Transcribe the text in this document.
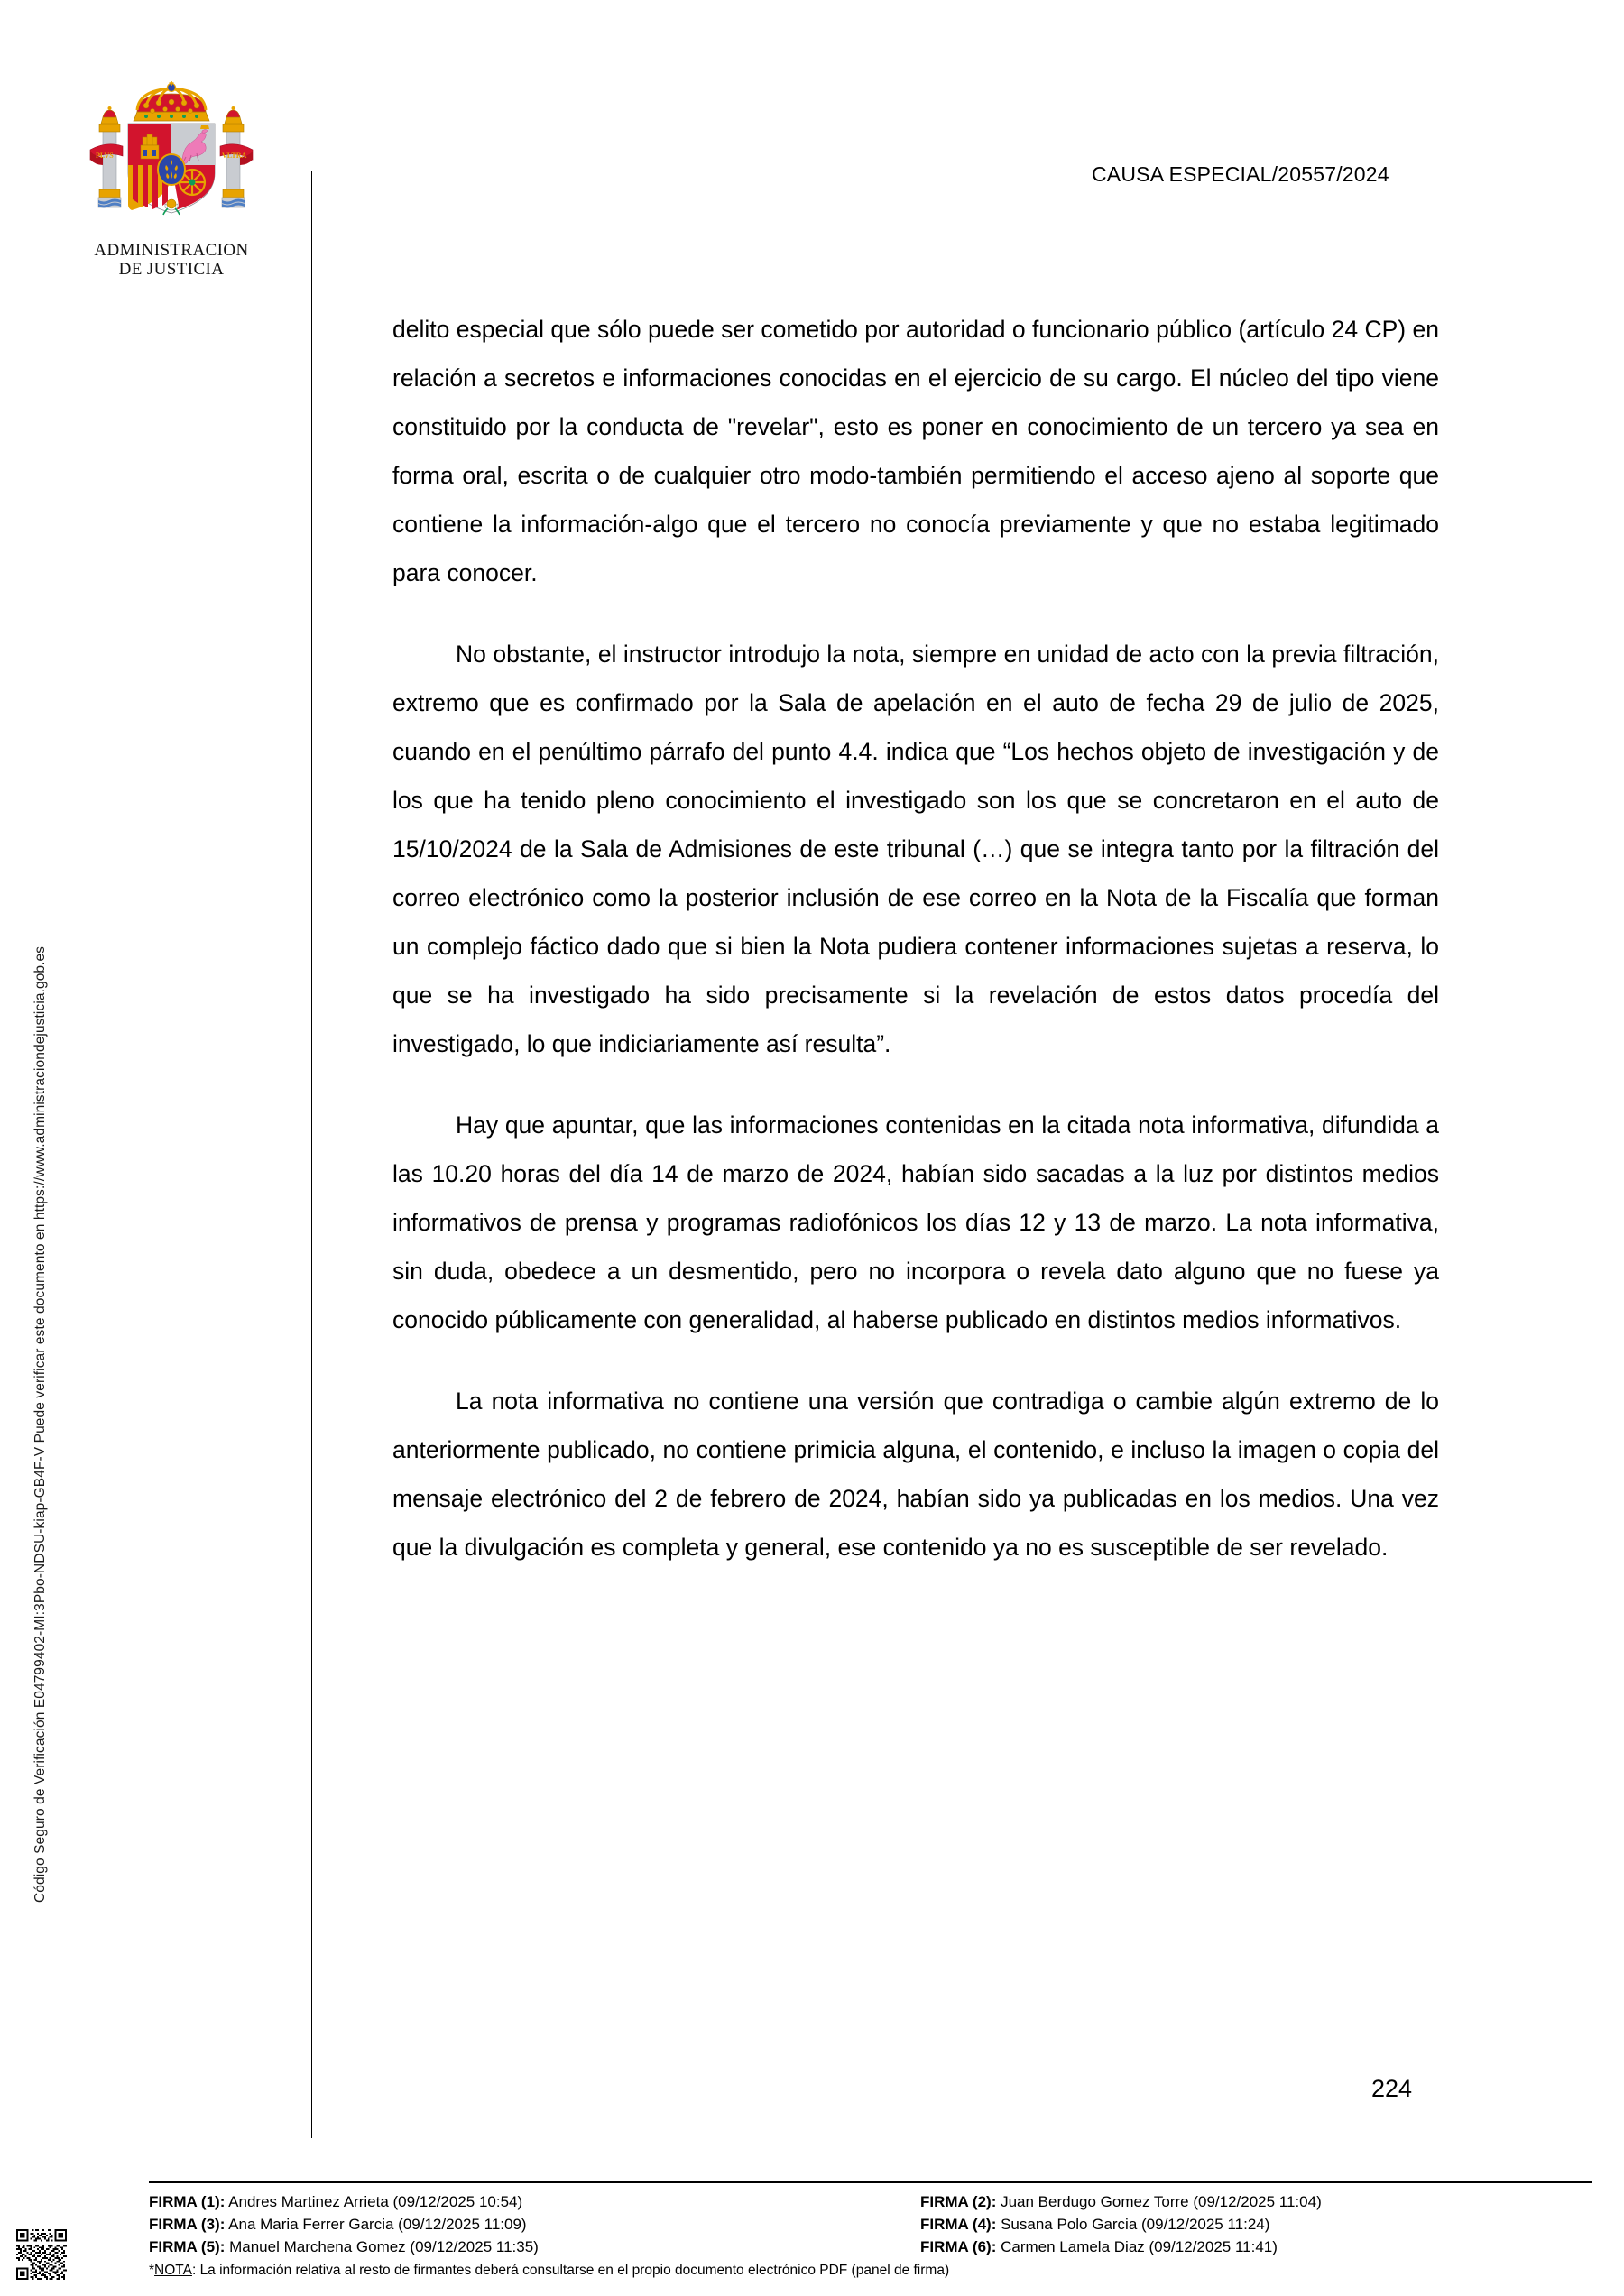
Código Seguro de Verificación E04799402-MI:3Pbo-NDSU-kiap-GB4F-V Puede verificar este documento en https://www.administraciondejusticia.gob.es
PLVS	VLTRA
ADMINISTRACION
DE JUSTICIA
CAUSA ESPECIAL/20557/2024

delito especial que sólo puede ser cometido por autoridad o funcionario público (artículo 24 CP) en relación a secretos e informaciones conocidas en el ejercicio de su cargo. El núcleo del tipo viene constituido por la conducta de "revelar", esto es poner en conocimiento de un tercero ya sea en forma oral, escrita o de cualquier otro modo-también permitiendo el acceso ajeno al soporte que contiene la información-algo que el tercero no conocía previamente y que no estaba legitimado para conocer.

No obstante, el instructor introdujo la nota, siempre en unidad de acto con la previa filtración, extremo que es confirmado por la Sala de apelación en el auto de fecha 29 de julio de 2025, cuando en el penúltimo párrafo del punto 4.4. indica que “Los hechos objeto de investigación y de los que ha tenido pleno conocimiento el investigado son los que se concretaron en el auto de 15/10/2024 de la Sala de Admisiones de este tribunal (…) que se integra tanto por la filtración del correo electrónico como la posterior inclusión de ese correo en la Nota de la Fiscalía que forman un complejo fáctico dado que si bien la Nota pudiera contener informaciones sujetas a reserva, lo que se ha investigado ha sido precisamente si la revelación de estos datos procedía del investigado, lo que indiciariamente así resulta”.

Hay que apuntar, que las informaciones contenidas en la citada nota informativa, difundida a las 10.20 horas del día 14 de marzo de 2024, habían sido sacadas a la luz por distintos medios informativos de prensa y programas radiofónicos los días 12 y 13 de marzo. La nota informativa, sin duda, obedece a un desmentido, pero no incorpora o revela dato alguno que no fuese ya conocido públicamente con generalidad, al haberse publicado en distintos medios informativos.

La nota informativa no contiene una versión que contradiga o cambie algún extremo de lo anteriormente publicado, no contiene primicia alguna, el contenido, e incluso la imagen o copia del mensaje electrónico del 2 de febrero de 2024, habían sido ya publicadas en los medios. Una vez que la divulgación es completa y general, ese contenido ya no es susceptible de ser revelado.

224
FIRMA (1): Andres Martinez Arrieta (09/12/2025 10:54)	FIRMA (2): Juan Berdugo Gomez Torre (09/12/2025 11:04)
FIRMA (3): Ana Maria Ferrer Garcia (09/12/2025 11:09)	FIRMA (4): Susana Polo Garcia (09/12/2025 11:24)
FIRMA (5): Manuel Marchena Gomez (09/12/2025 11:35)	FIRMA (6): Carmen Lamela Diaz (09/12/2025 11:41)
*NOTA: La información relativa al resto de firmantes deberá consultarse en el propio documento electrónico PDF (panel de firma)
